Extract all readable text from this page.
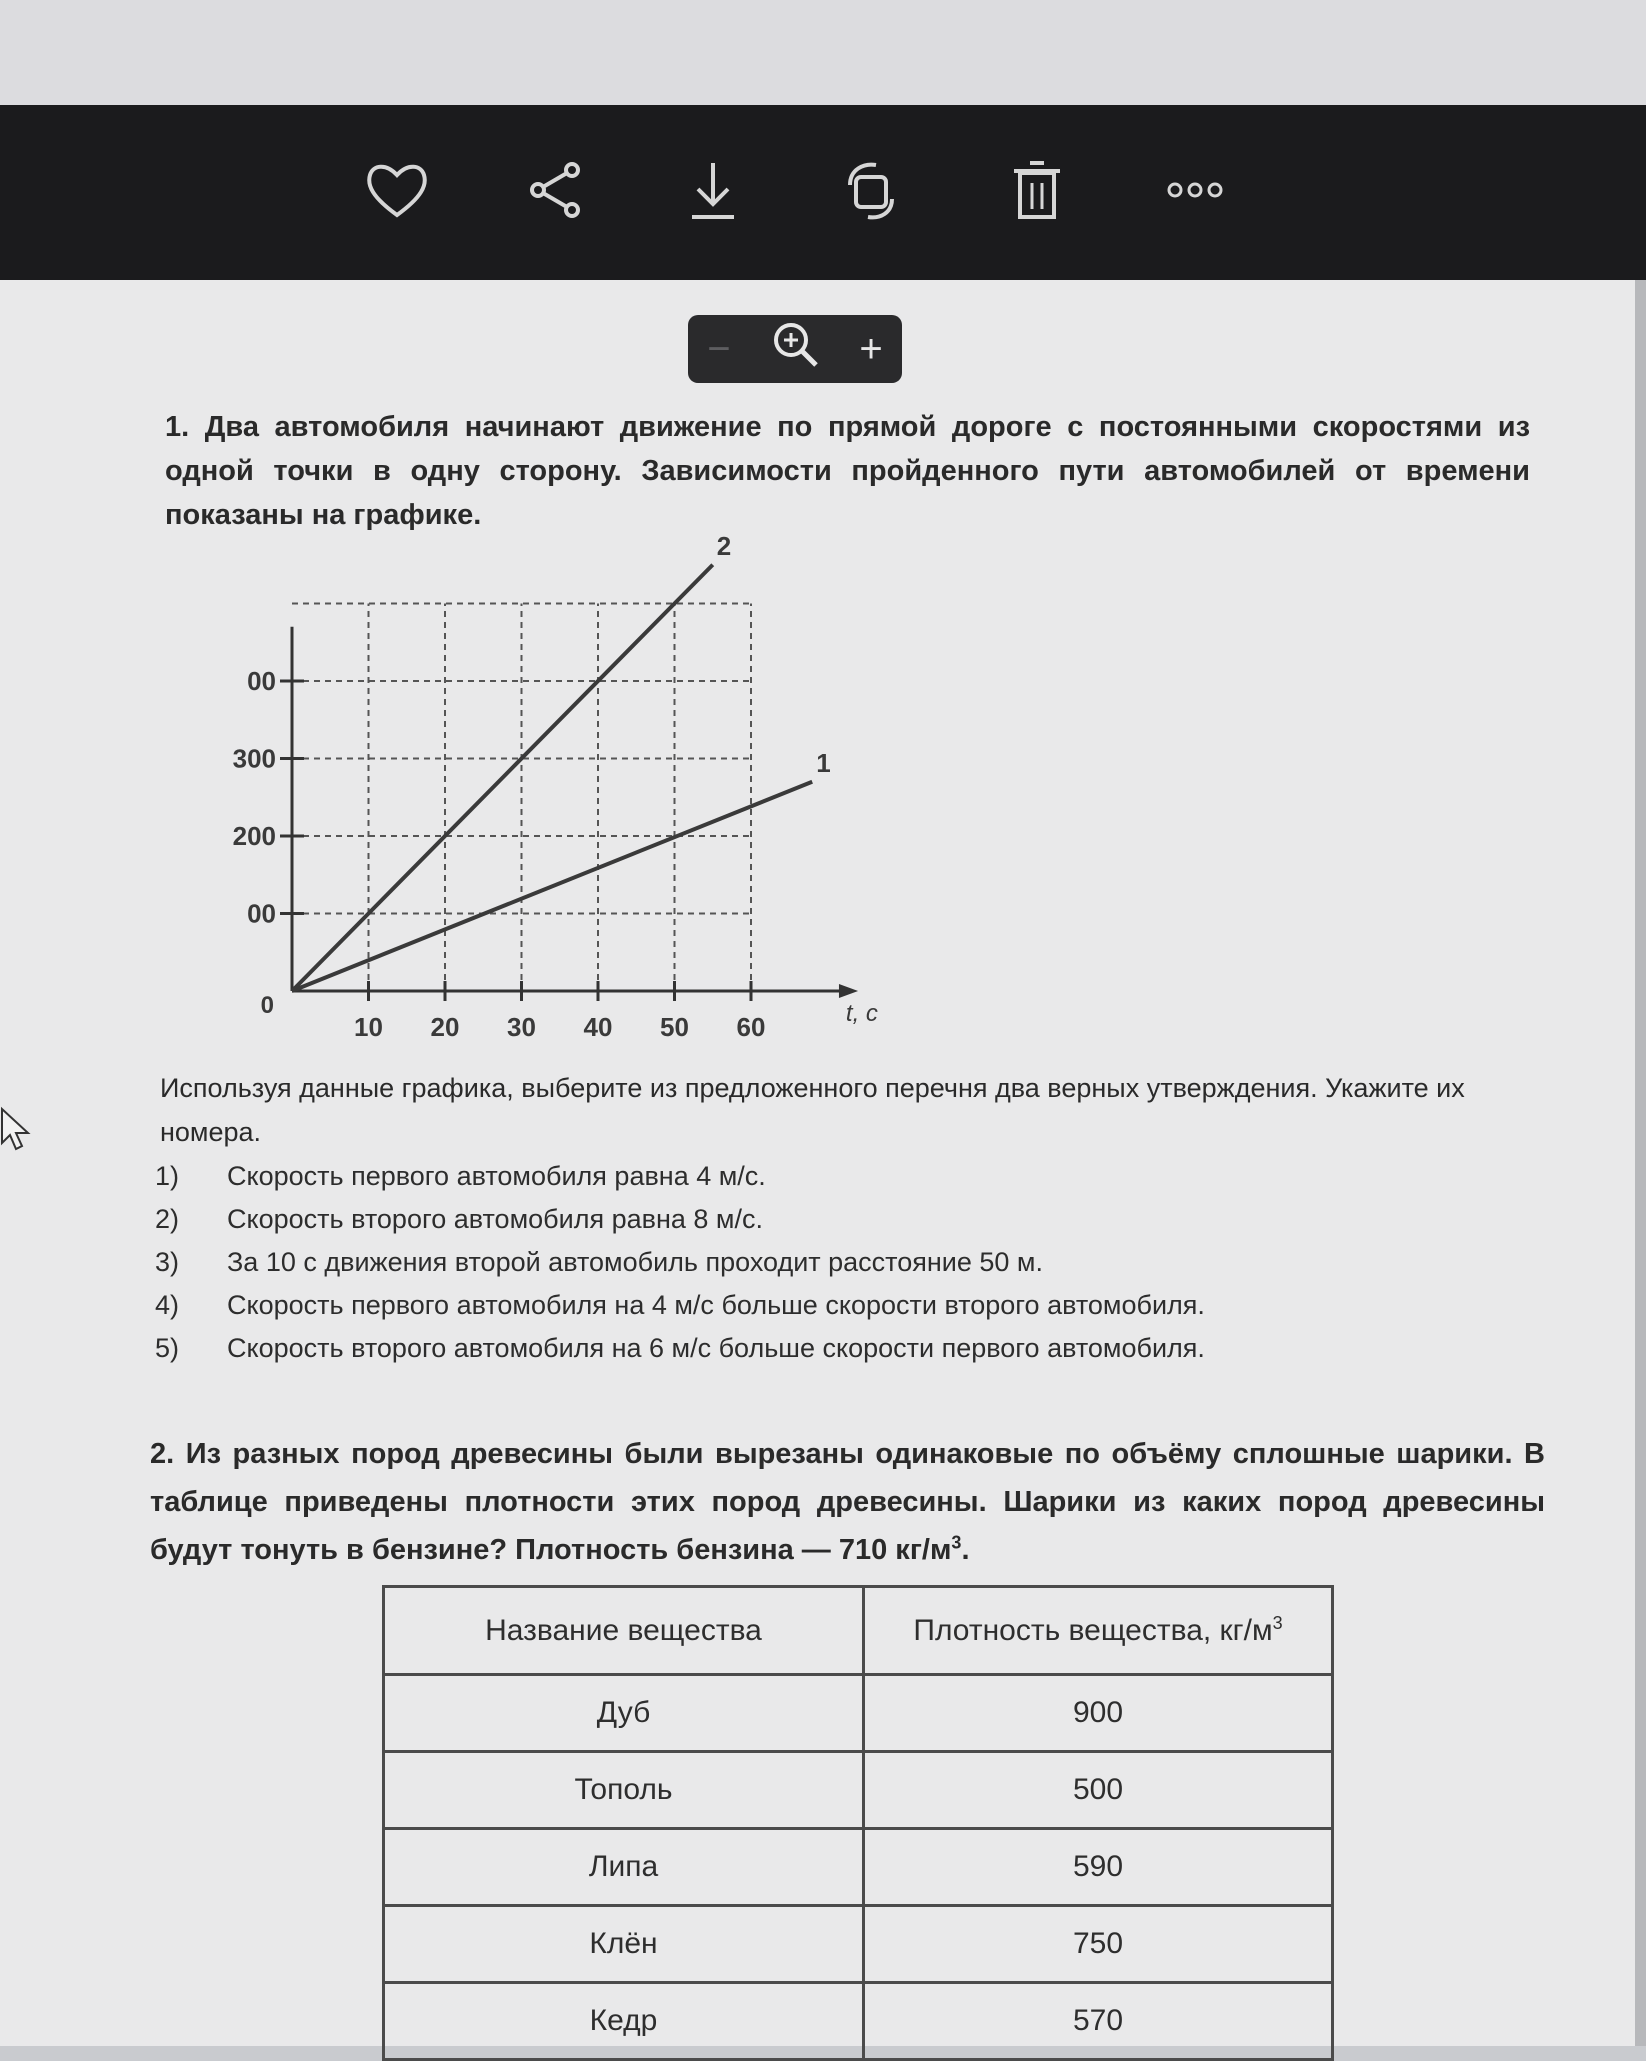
−	+
1. Два автомобиля начинают движение по прямой дороге с постоянными скоростями из одной точки в одну сторону. Зависимости пройденного пути автомобилей от времени показаны на графике.
10 20 30 40 50 60
00
200
300
00
0	t, с
1
2
Используя данные графика, выберите из предложенного перечня два верных утверждения. Укажите их номера.
1)	Скорость первого автомобиля равна 4 м/с.
2)	Скорость второго автомобиля равна 8 м/с.
3)	За 10 с движения второй автомобиль проходит расстояние 50 м.
4)	Скорость первого автомобиля на 4 м/с больше скорости второго автомобиля.
5)	Скорость второго автомобиля на 6 м/с больше скорости первого автомобиля.
2. Из разных пород древесины были вырезаны одинаковые по объёму сплошные шарики. В таблице приведены плотности этих пород древесины. Шарики из каких пород древесины будут тонуть в бензине? Плотность бензина — 710 $кг/м^3$.
Название вещества	Плотность вещества, $кг/м^3$
Дуб	900
Тополь	500
Липа	590
Клён	750
Кедр	570
